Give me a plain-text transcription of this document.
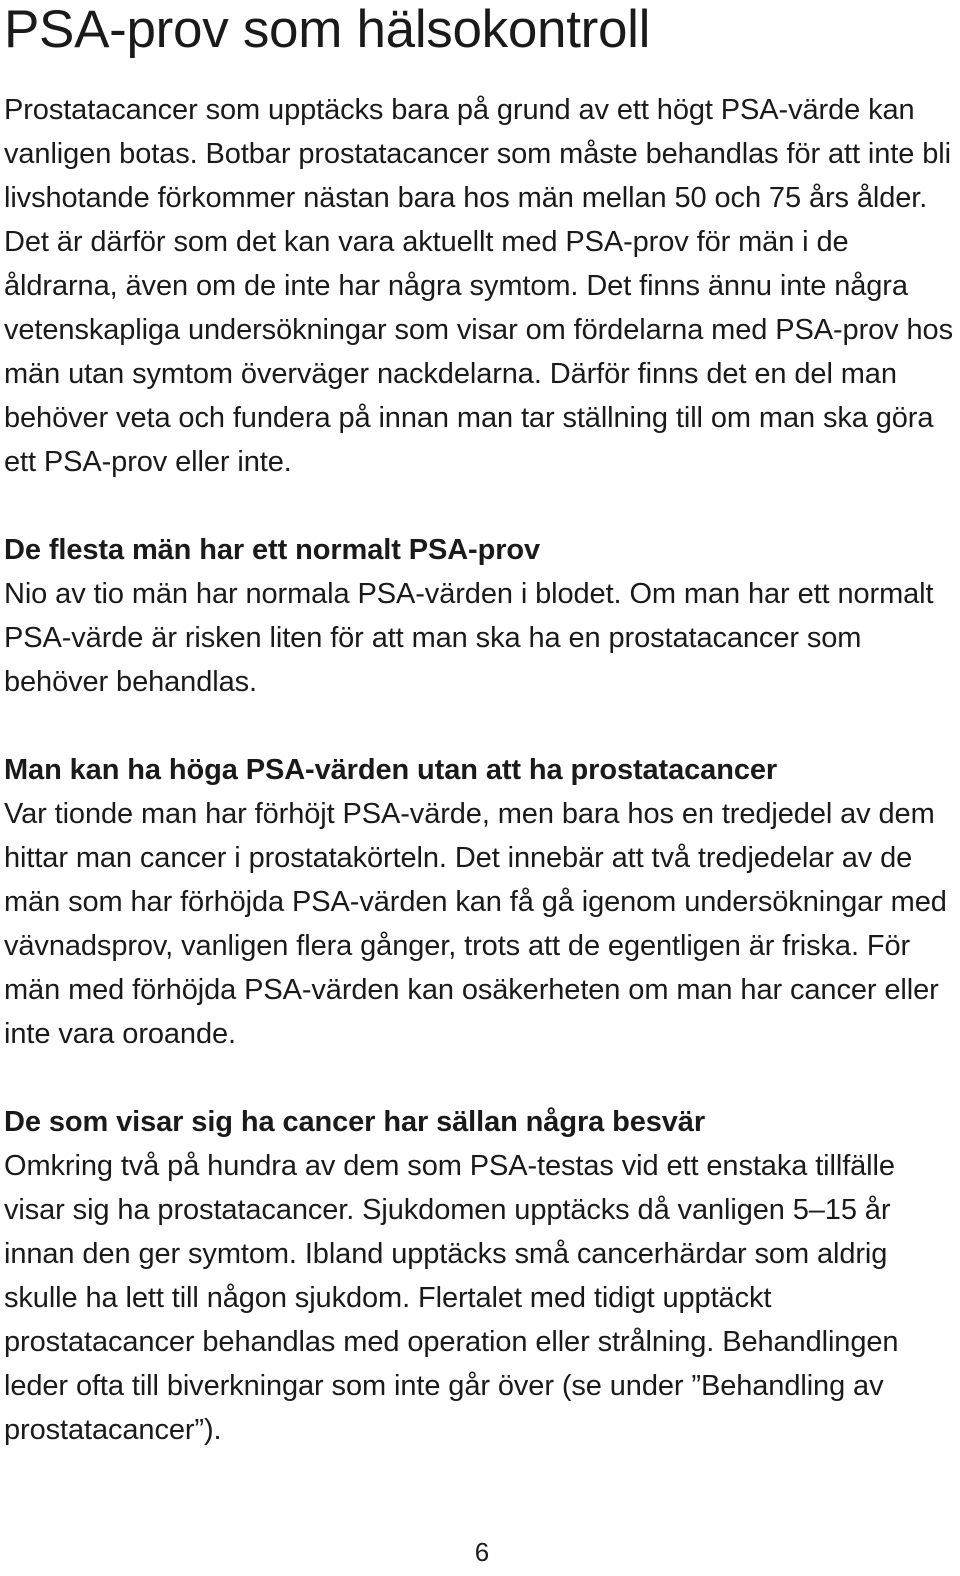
PSA-prov som hälsokontroll

Prostatacancer som upptäcks bara på grund av ett högt PSA-värde kan vanligen botas. Botbar prostatacancer som måste behandlas för att inte bli livshotande förkommer nästan bara hos män mellan 50 och 75 års ålder. Det är därför som det kan vara aktuellt med PSA-prov för män i de åldrarna, även om de inte har några symtom. Det finns ännu inte några vetenskapliga undersökningar som visar om fördelarna med PSA-prov hos män utan symtom överväger nackdelarna. Därför finns det en del man behöver veta och fundera på innan man tar ställning till om man ska göra ett PSA-prov eller inte.

De flesta män har ett normalt PSA-prov

Nio av tio män har normala PSA-värden i blodet. Om man har ett normalt PSA-värde är risken liten för att man ska ha en prostatacancer som behöver behandlas.

Man kan ha höga PSA-värden utan att ha prostatacancer

Var tionde man har förhöjt PSA-värde, men bara hos en tredjedel av dem hittar man cancer i prostatakörteln. Det innebär att två tredjedelar av de män som har förhöjda PSA-värden kan få gå igenom undersökningar med vävnadsprov, vanligen flera gånger, trots att de egentligen är friska. För män med förhöjda PSA-värden kan osäkerheten om man har cancer eller inte vara oroande.

De som visar sig ha cancer har sällan några besvär

Omkring två på hundra av dem som PSA-testas vid ett enstaka tillfälle visar sig ha prostatacancer. Sjukdomen upptäcks då vanligen 5–15 år innan den ger symtom. Ibland upptäcks små cancerhärdar som aldrig skulle ha lett till någon sjukdom. Flertalet med tidigt upptäckt prostatacancer behandlas med operation eller strålning. Behandlingen leder ofta till biverkningar som inte går över (se under ”Behandling av prostatacancer”).

6
